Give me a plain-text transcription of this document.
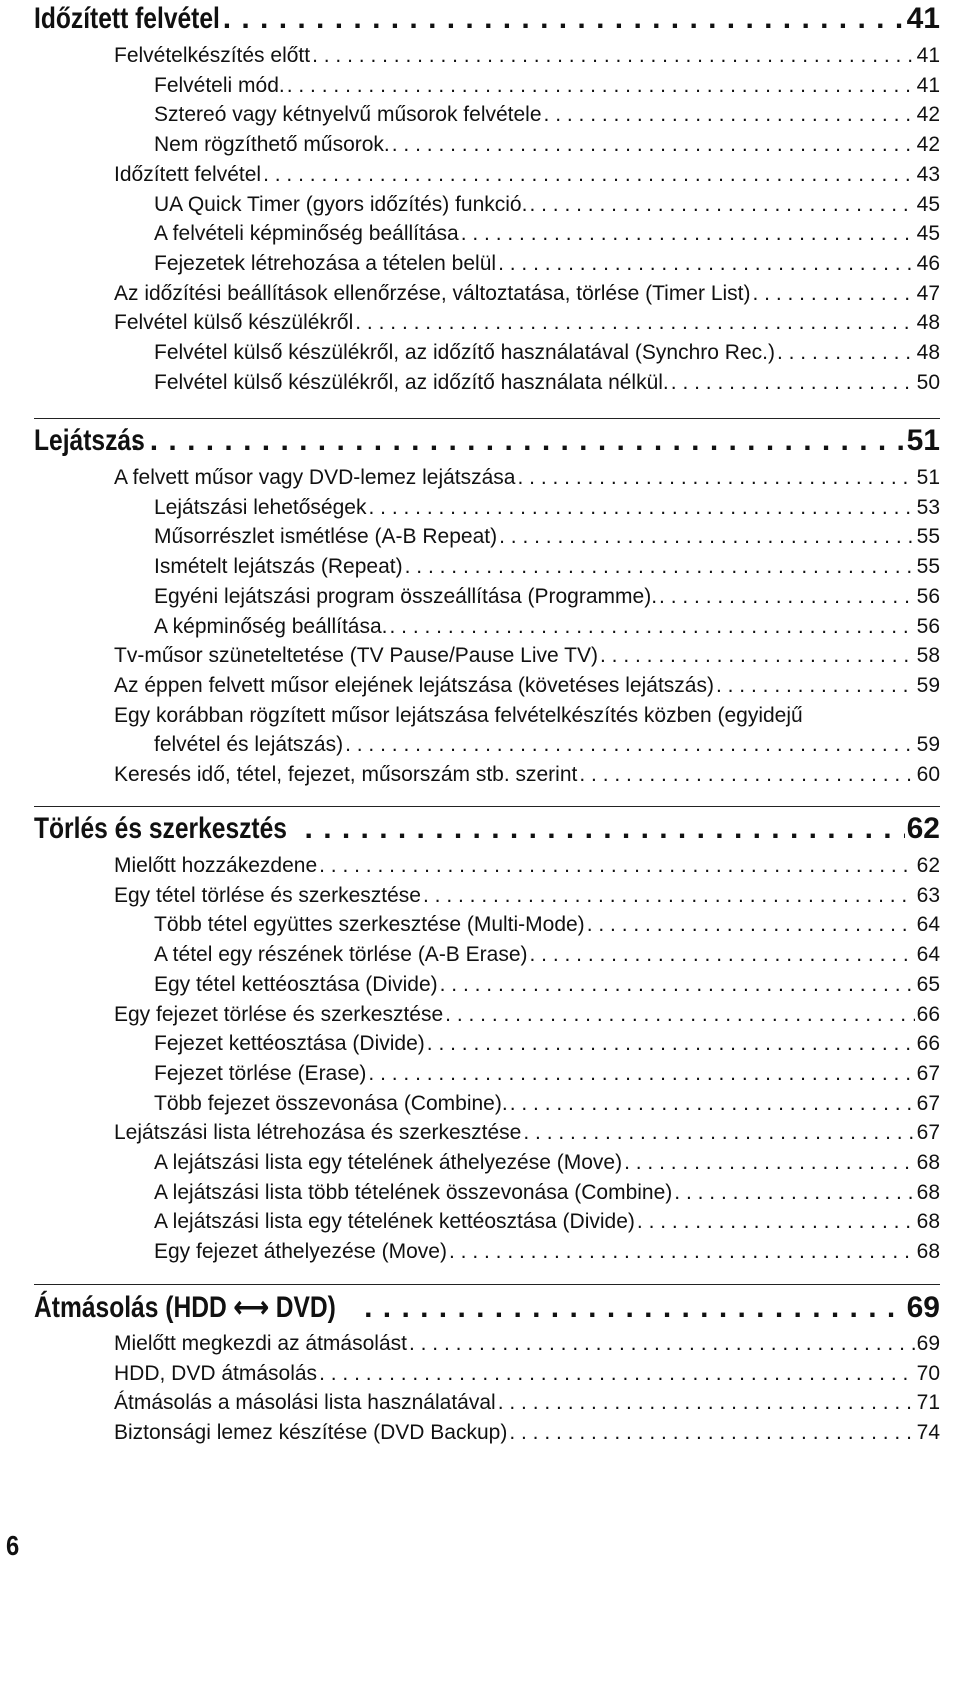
Időzített felvétel . . .	41
Felvételkészítés előtt . . .	41
Felvételi mód. . . .	41
Sztereó vagy kétnyelvű műsorok felvétele . . .	42
Nem rögzíthető műsorok. . . .	42
Időzített felvétel . . .	43
UA Quick Timer (gyors időzítés) funkció. . . .	45
A felvételi képminőség beállítása . . .	45
Fejezetek létrehozása a tételen belül . . .	46
Az időzítési beállítások ellenőrzése, változtatása, törlése (Timer List) . . .	47
Felvétel külső készülékről . . .	48
Felvétel külső készülékről, az időzítő használatával (Synchro Rec.) . . .	48
Felvétel külső készülékről, az időzítő használata nélkül. . . .	50
Lejátszás . . .	51
A felvett műsor vagy DVD-lemez lejátszása . . .	51
Lejátszási lehetőségek . . .	53
Műsorrészlet ismétlése (A-B Repeat) . . .	55
Ismételt lejátszás (Repeat) . . .	55
Egyéni lejátszási program összeállítása (Programme). . . .	56
A képminőség beállítása. . . .	56
Tv-műsor szüneteltetése (TV Pause/Pause Live TV) . . .	58
Az éppen felvett műsor elejének lejátszása (követéses lejátszás) . . .	59
Egy korábban rögzített műsor lejátszása felvételkészítés közben (egyidejű
felvétel és lejátszás) . . .	59
Keresés idő, tétel, fejezet, műsorszám stb. szerint . . .	60
Törlés és szerkesztés . . .	62
Mielőtt hozzákezdene . . .	62
Egy tétel törlése és szerkesztése . . .	63
Több tétel együttes szerkesztése (Multi-Mode) . . .	64
A tétel egy részének törlése (A-B Erase) . . .	64
Egy tétel kettéosztása (Divide) . . .	65
Egy fejezet törlése és szerkesztése . . .	66
Fejezet kettéosztása (Divide) . . .	66
Fejezet törlése (Erase) . . .	67
Több fejezet összevonása (Combine). . . .	67
Lejátszási lista létrehozása és szerkesztése . . .	67
A lejátszási lista egy tételének áthelyezése (Move) . . .	68
A lejátszási lista több tételének összevonása (Combine) . . .	68
A lejátszási lista egy tételének kettéosztása (Divide) . . .	68
Egy fejezet áthelyezése (Move) . . .	68
Átmásolás (HDD ⟷ DVD) . . .	69
Mielőtt megkezdi az átmásolást . . .	69
HDD, DVD átmásolás . . .	70
Átmásolás a másolási lista használatával . . .	71
Biztonsági lemez készítése (DVD Backup) . . .	74
6
